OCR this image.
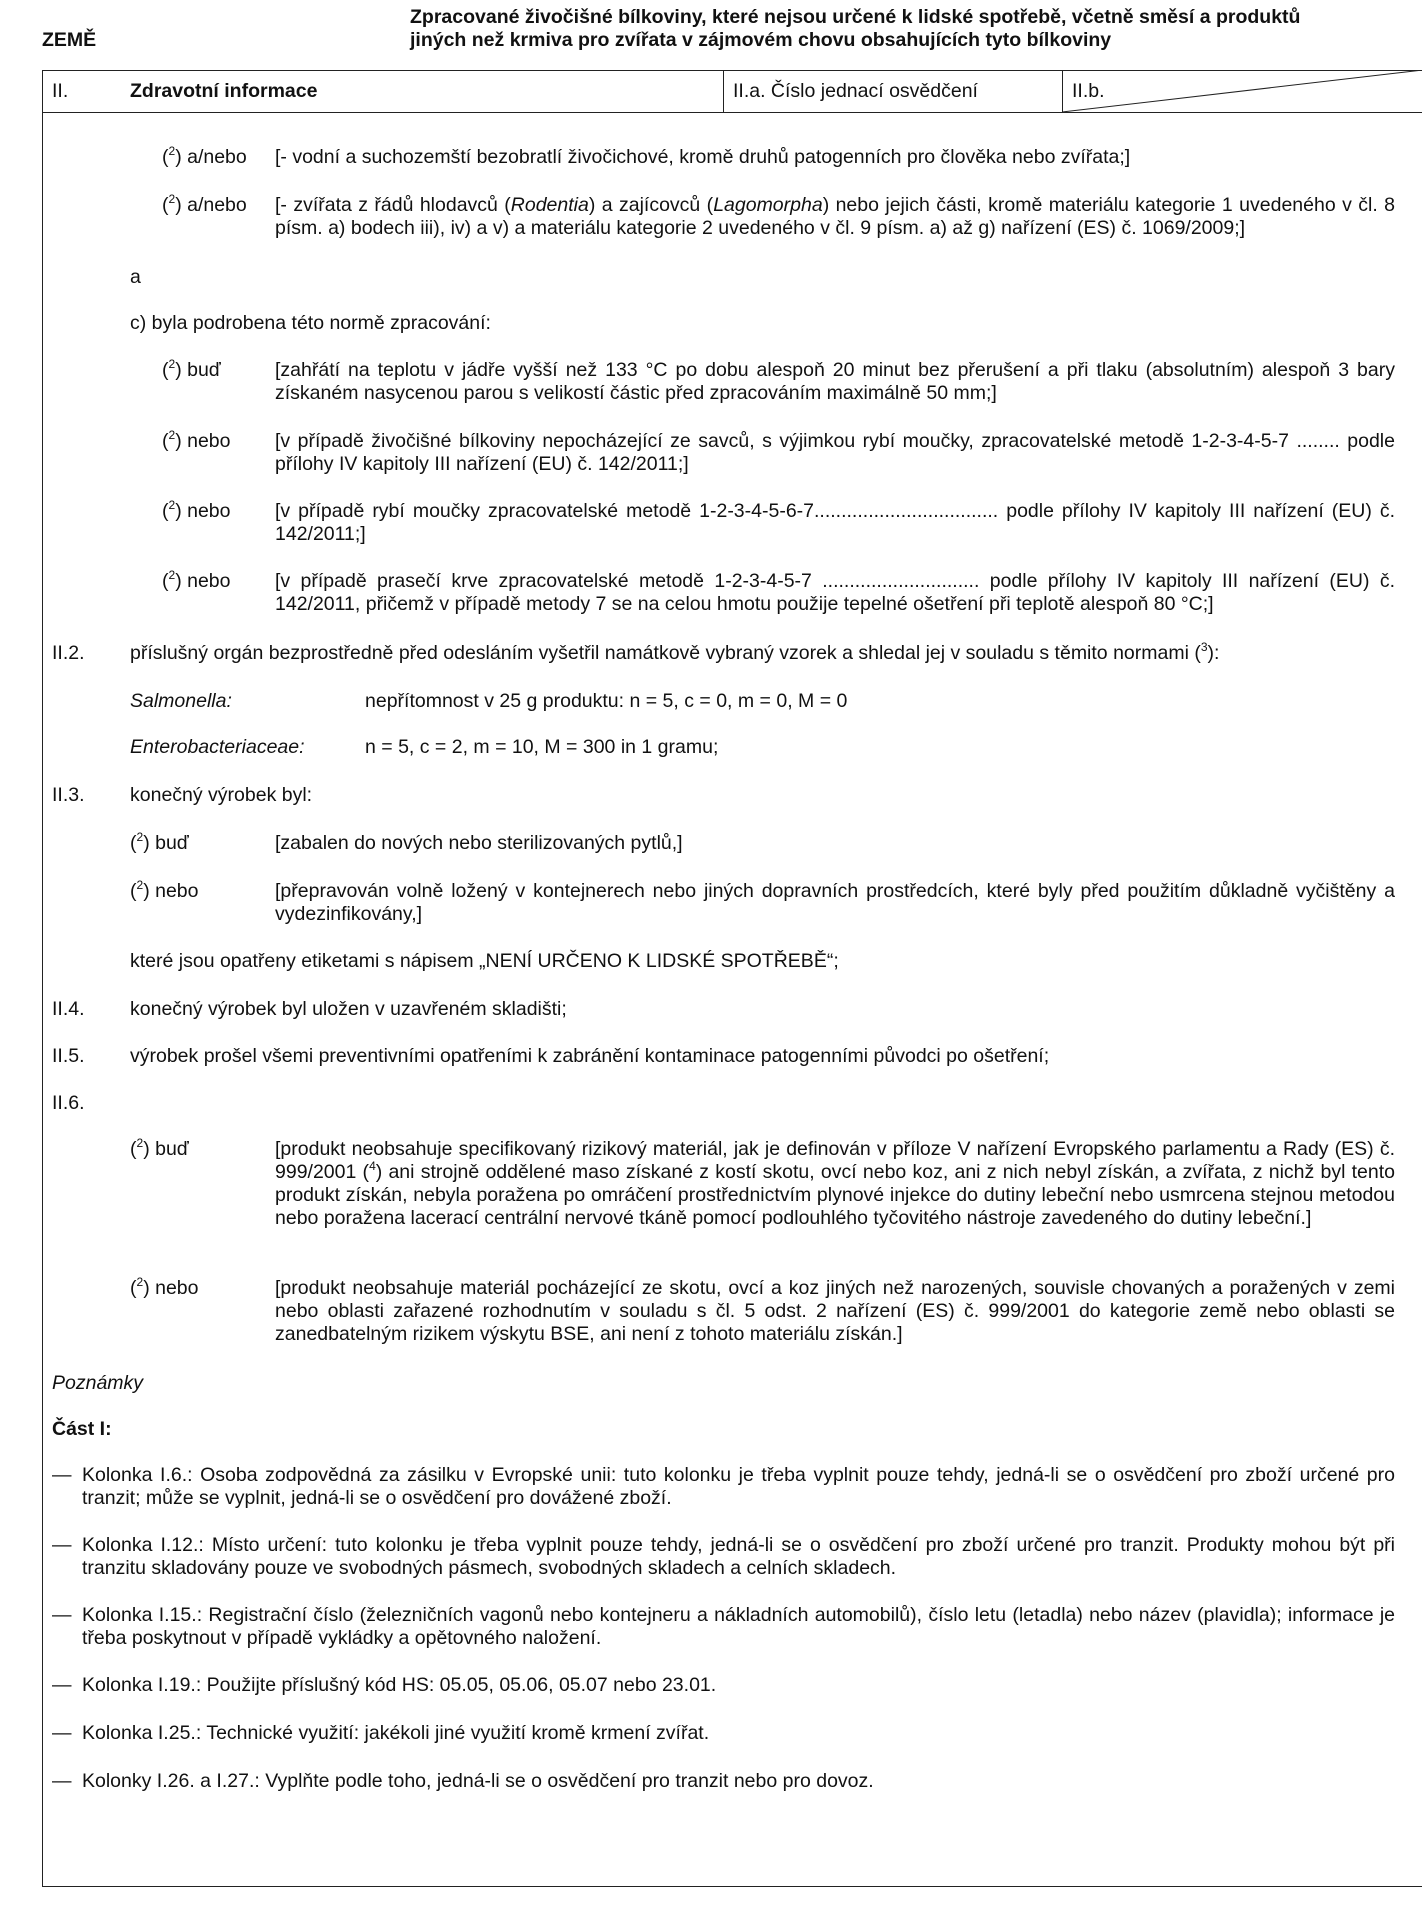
ZEMĚ
Zpracované živočišné bílkoviny, které nejsou určené k lidské spotřebě, včetně směsí a produktů
jiných než krmiva pro zvířata v zájmovém chovu obsahujících tyto bílkoviny
II.	Zdravotní informace	II.a. Číslo jednací osvědčení	II.b.
($^2$) a/nebo [- vodní a suchozemští bezobratlí živočichové, kromě druhů patogenních pro člověka nebo zvířata;]
($^2$) a/nebo [- zvířata z řádů hlodavců (Rodentia) a zajícovců (Lagomorpha) nebo jejich části, kromě materiálu kategorie 1 uvedeného v čl. 8 písm. a) bodech iii), iv) a v) a materiálu kategorie 2 uvedeného v čl. 9 písm. a) až g) nařízení (ES) č. 1069/2009;]
a
c) byla podrobena této normě zpracování:
($^2$) buď	[zahřátí na teplotu v jádře vyšší než 133 °C po dobu alespoň 20 minut bez přerušení a při tlaku (absolutním) alespoň 3 bary získaném nasycenou parou s velikostí částic před zpracováním maximálně 50 mm;]
($^2$) nebo [v případě živočišné bílkoviny nepocházející ze savců, s výjimkou rybí moučky, zpracovatelské metodě 1-2-3-4-5-7 ........ podle přílohy IV kapitoly III nařízení (EU) č. 142/2011;]
($^2$) nebo [v případě rybí moučky zpracovatelské metodě 1-2-3-4-5-6-7.................................. podle přílohy IV kapitoly III nařízení (EU) č. 142/2011;]
($^2$) nebo [v případě prasečí krve zpracovatelské metodě 1-2-3-4-5-7 ............................. podle přílohy IV kapitoly III nařízení (EU) č. 142/2011, přičemž v případě metody 7 se na celou hmotu použije tepelné ošetření při teplotě alespoň 80 °C;]
II.2. příslušný orgán bezprostředně před odesláním vyšetřil namátkově vybraný vzorek a shledal jej v souladu s těmito normami ($^3$):
Salmonella:	nepřítomnost v 25 g produktu: n = 5, c = 0, m = 0, M = 0
Enterobacteriaceae:	n = 5, c = 2, m = 10, M = 300 in 1 gramu;
II.3. konečný výrobek byl:
($^2$) buď	[zabalen do nových nebo sterilizovaných pytlů,]
($^2$) nebo	[přepravován volně ložený v kontejnerech nebo jiných dopravních prostředcích, které byly před použitím důkladně vyčištěny a vydezinfikovány,]
které jsou opatřeny etiketami s nápisem „NENÍ URČENO K LIDSKÉ SPOTŘEBĚ“;
II.4. konečný výrobek byl uložen v uzavřeném skladišti;
II.5. výrobek prošel všemi preventivními opatřeními k zabránění kontaminace patogenními původci po ošetření;
II.6.
($^2$) buď	[produkt neobsahuje specifikovaný rizikový materiál, jak je definován v příloze V nařízení Evropského parlamentu a Rady (ES) č. 999/2001 ($^4$) ani strojně oddělené maso získané z kostí skotu, ovcí nebo koz, ani z nich nebyl získán, a zvířata, z nichž byl tento produkt získán, nebyla poražena po omráčení prostřednictvím plynové injekce do dutiny lebeční nebo usmrcena stejnou metodou nebo poražena lacerací centrální nervové tkáně pomocí podlouhlého tyčovitého nástroje zavedeného do dutiny lebeční.]
($^2$) nebo	[produkt neobsahuje materiál pocházející ze skotu, ovcí a koz jiných než narozených, souvisle chovaných a poražených v zemi nebo oblasti zařazené rozhodnutím v souladu s čl. 5 odst. 2 nařízení (ES) č. 999/2001 do kategorie země nebo oblasti se zanedbatelným rizikem výskytu BSE, ani není z tohoto materiálu získán.]
Poznámky
Část I:
— Kolonka I.6.: Osoba zodpovědná za zásilku v Evropské unii: tuto kolonku je třeba vyplnit pouze tehdy, jedná-li se o osvědčení pro zboží určené pro tranzit; může se vyplnit, jedná-li se o osvědčení pro dovážené zboží.
— Kolonka I.12.: Místo určení: tuto kolonku je třeba vyplnit pouze tehdy, jedná-li se o osvědčení pro zboží určené pro tranzit. Produkty mohou být při tranzitu skladovány pouze ve svobodných pásmech, svobodných skladech a celních skladech.
— Kolonka I.15.: Registrační číslo (železničních vagonů nebo kontejneru a nákladních automobilů), číslo letu (letadla) nebo název (plavidla); informace je třeba poskytnout v případě vykládky a opětovného naložení.
— Kolonka I.19.: Použijte příslušný kód HS: 05.05, 05.06, 05.07 nebo 23.01.
— Kolonka I.25.: Technické využití: jakékoli jiné využití kromě krmení zvířat.
— Kolonky I.26. a I.27.: Vyplňte podle toho, jedná-li se o osvědčení pro tranzit nebo pro dovoz.
